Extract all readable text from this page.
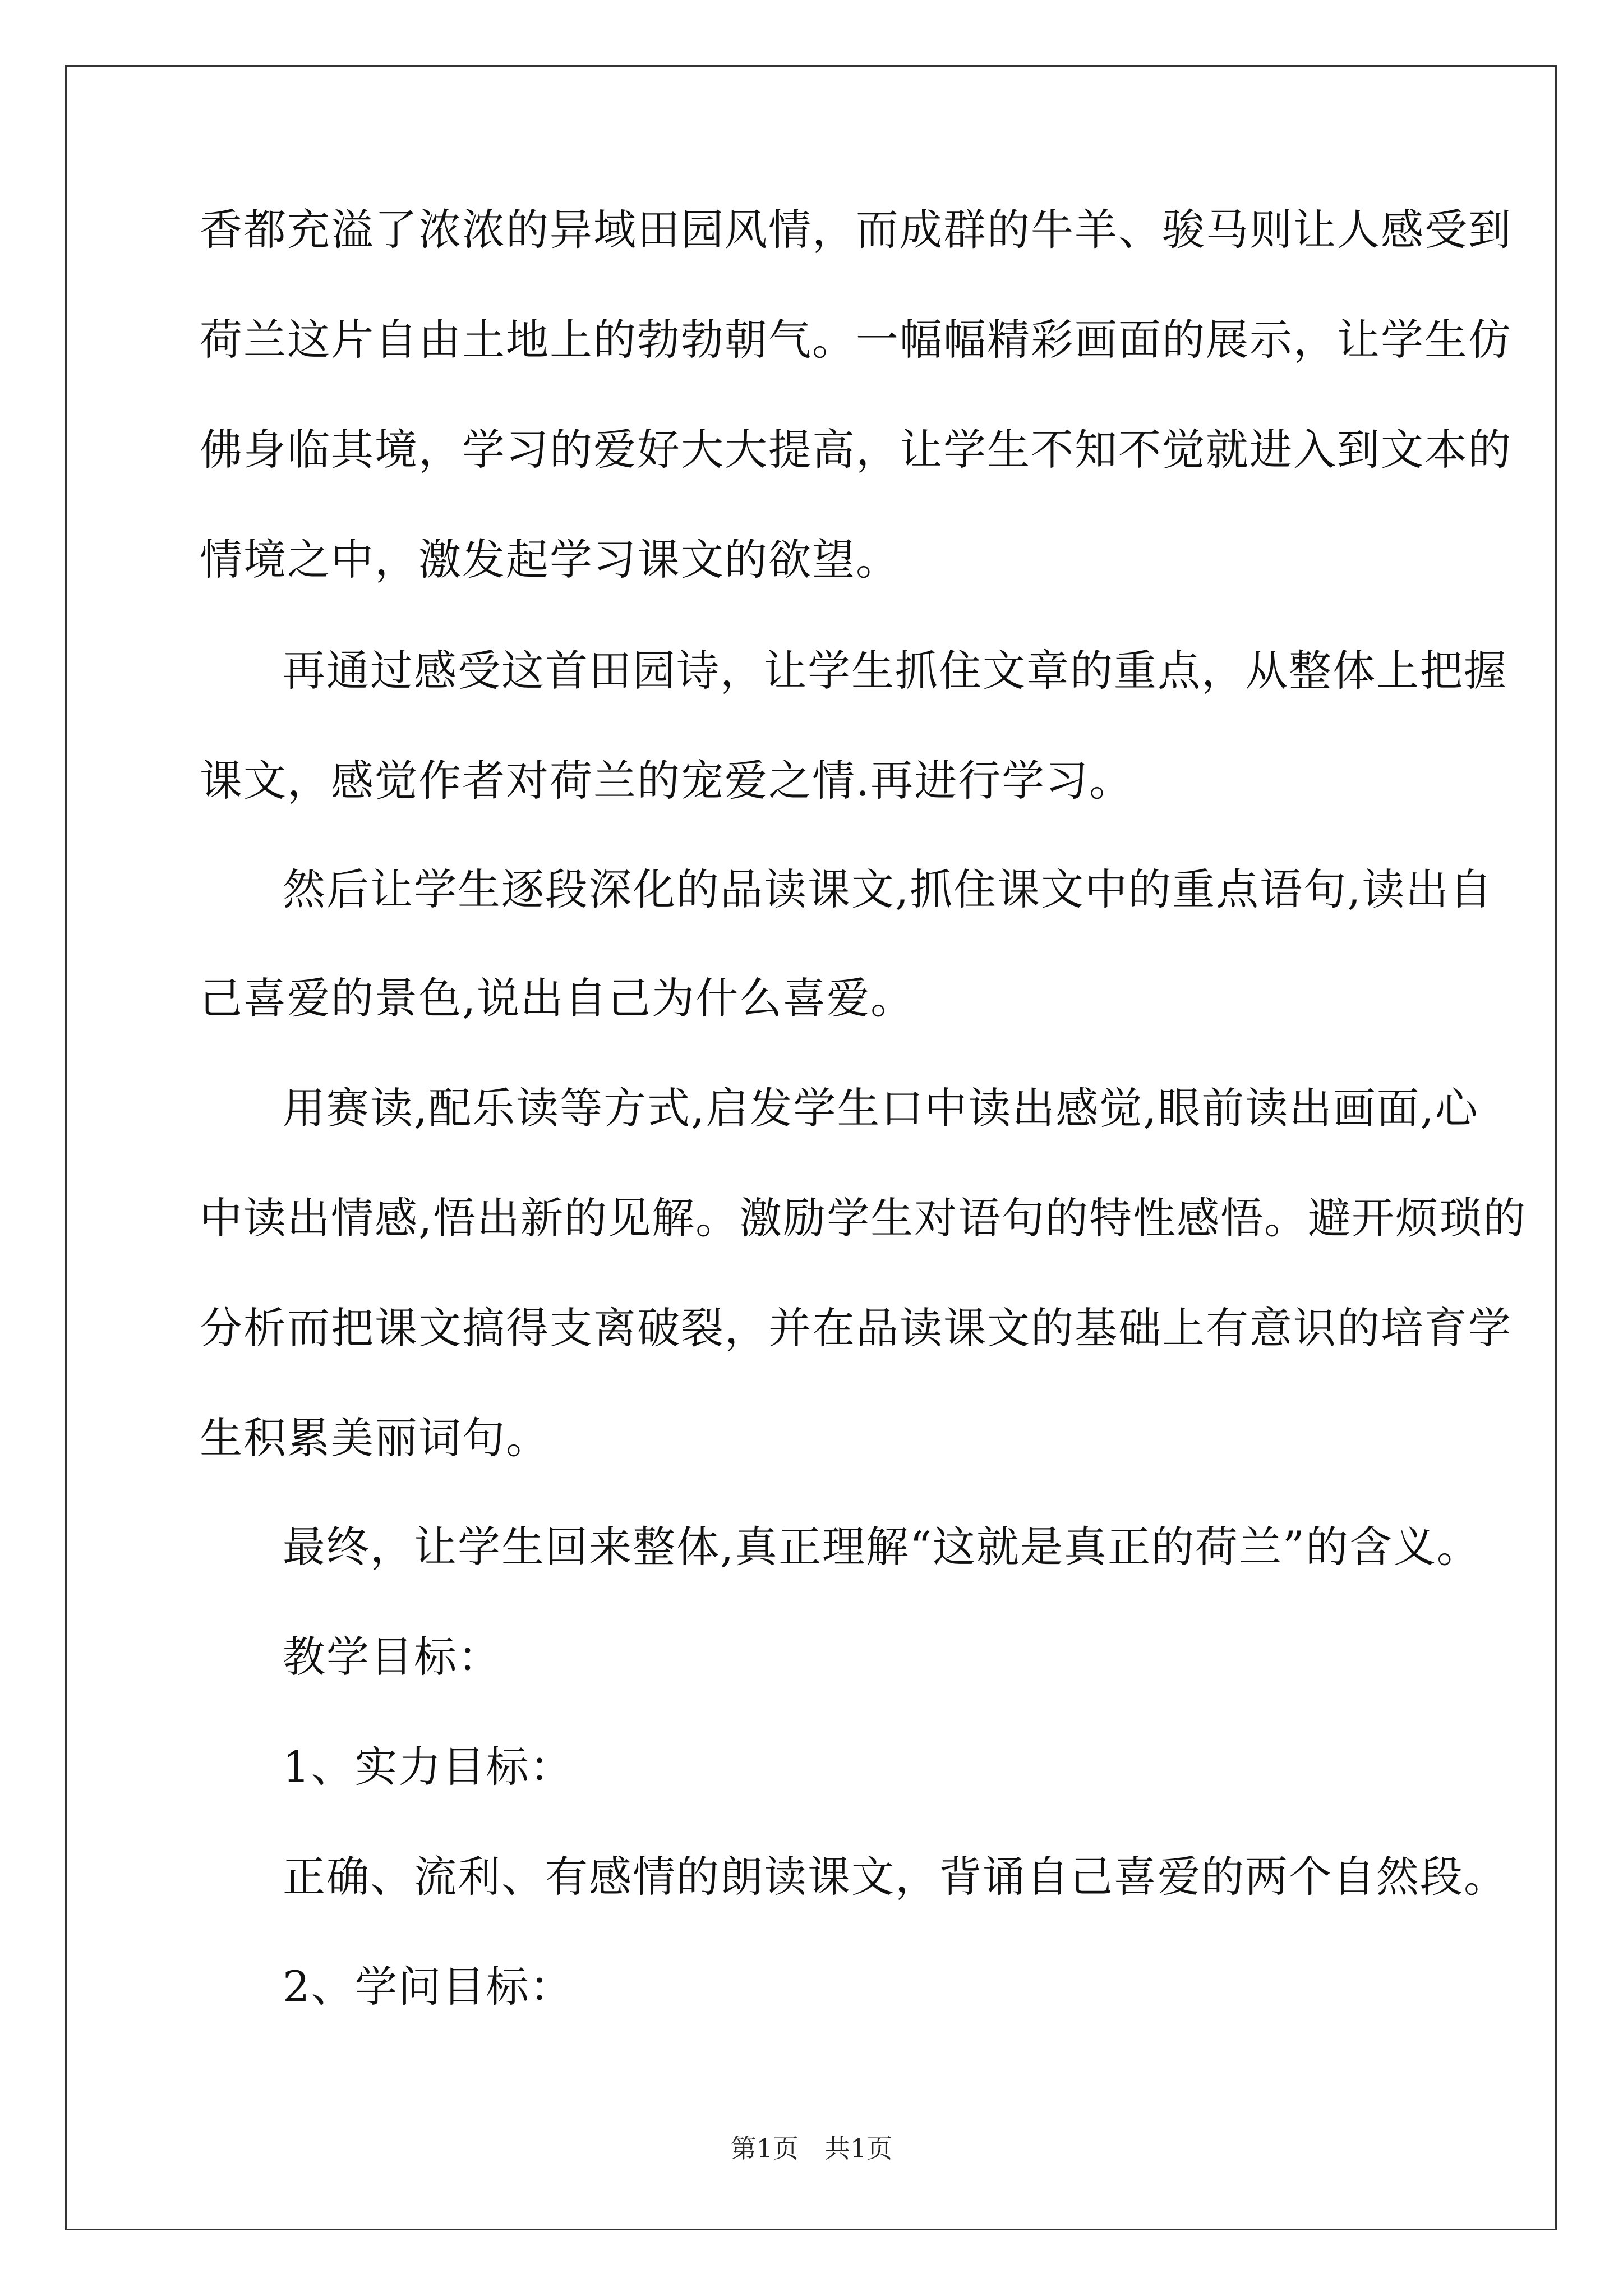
香都充溢了浓浓的异域田园风情，而成群的牛羊、骏马则让人感受到
荷兰这片自由土地上的勃勃朝气。一幅幅精彩画面的展示，让学生仿
佛身临其境，学习的爱好大大提高，让学生不知不觉就进入到文本的
情境之中，激发起学习课文的欲望。
再通过感受这首田园诗，让学生抓住文章的重点，从整体上把握
课文，感觉作者对荷兰的宠爱之情.再进行学习。
然后让学生逐段深化的品读课文,抓住课文中的重点语句,读出自
己喜爱的景色,说出自己为什么喜爱。
用赛读,配乐读等方式,启发学生口中读出感觉,眼前读出画面,心
中读出情感,悟出新的见解。激励学生对语句的特性感悟。避开烦琐的
分析而把课文搞得支离破裂，并在品读课文的基础上有意识的培育学
生积累美丽词句。
最终，让学生回来整体,真正理解“这就是真正的荷兰”的含义。
教学目标：
1、实力目标：
正确、流利、有感情的朗读课文，背诵自己喜爱的两个自然段。
2、学问目标：
第1页　共1页
